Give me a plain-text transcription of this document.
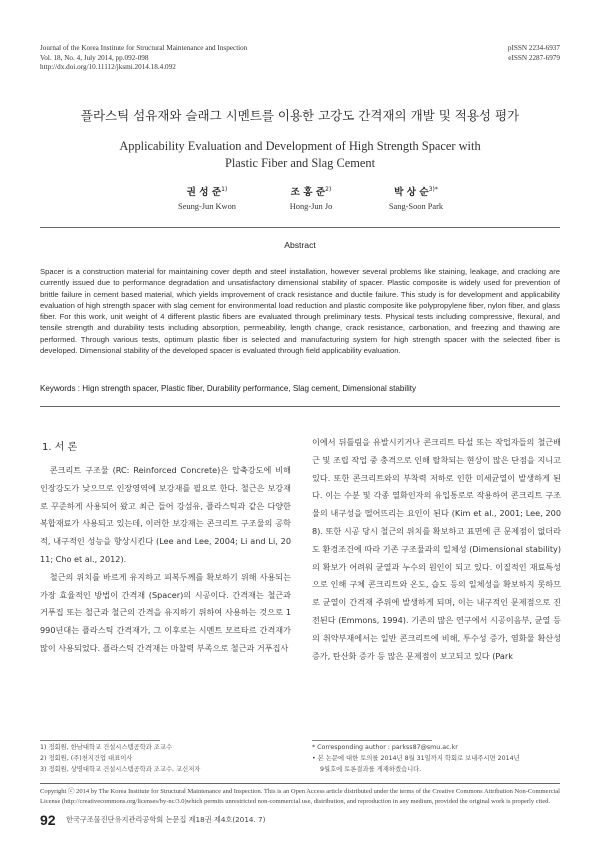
Journal of the Korea Institute for Structural Maintenance and Inspection
Vol. 18, No. 4, July 2014, pp.092-098
http://dx.doi.org/10.11112/jksmi.2014.18.4.092
pISSN 2234-6937
eISSN 2287-6979
플라스틱 섬유재와 슬래그 시멘트를 이용한 고강도 간격재의 개발 및 적용성 평가
Applicability Evaluation and Development of High Strength Spacer with
Plastic Fiber and Slag Cement
권 성 준$^{1)}$
Seung-Jun Kwon
조 홍 준$^{2)}$
Hong-Jun Jo
박 상 순$^{3)*}$
Sang-Soon Park
Abstract
Spacer is a construction material for maintaining cover depth and steel installation, however several problems like staining, leakage, and cracking are currently issued due to performance degradation and unsatisfactory dimensional stability of spacer. Plastic composite is widely used for prevention of brittle failure in cement based material, which yields improvement of crack resistance and ductile failure. This study is for development and applicability evaluation of high strength spacer with slag cement for environmental load reduction and plastic composite like polypropylene fiber, nylon fiber, and glass fiber. For this work, unit weight of 4 different plastic fibers are evaluated through preliminary tests. Physical tests including compressive, flexural, and tensile strength and durability tests including absorption, permeability, length change, crack resistance, carbonation, and freezing and thawing are performed. Through various tests, optimum plastic fiber is selected and manufacturing system for high strength spacer with the selected fiber is developed. Dimensional stability of the developed spacer is evaluated through field applicability evaluation.
Keywords : Hign strength spacer, Plastic fiber, Durability performance, Slag cement, Dimensional stability
1. 서 론

콘크리트 구조물 (RC: Reinforced Concrete)은 압축강도에 비해 인장강도가 낮으므로 인장영역에 보강재를 필요로 한다. 철근은 보강재로 꾸준하게 사용되어 왔고 최근 들어 강섬유, 플라스틱과 같은 다양한 복합재료가 사용되고 있는데, 이러한 보강재는 콘크리트 구조물의 공학적, 내구적인 성능을 향상시킨다 (Lee and Lee, 2004; Li and Li, 2011; Cho et al., 2012).

철근의 위치를 바르게 유지하고 피복두께를 확보하기 위해 사용되는 가장 효율적인 방법이 간격재 (Spacer)의 시공이다. 간격재는 철근과 거푸집 또는 철근과 철근의 간격을 유지하기 위하여 사용하는 것으로 1990년대는 플라스틱 간격재가, 그 이후로는 시멘트 모르타르 간격재가 많이 사용되었다. 플라스틱 간격재는 마찰력 부족으로 철근과 거푸집사

이에서 뒤틀림을 유발시키거나 콘크리트 타설 또는 작업자들의 철근배근 및 조립 작업 중 충격으로 인해 탈착되는 현상이 많은 단점을 지니고 있다. 또한 콘크리트와의 부착력 저하로 인한 미세균열이 발생하게 된다. 이는 수분 및 각종 열화인자의 유입통로로 작용하여 콘크리트 구조물의 내구성을 떨어뜨리는 요인이 된다 (Kim et al., 2001; Lee, 2008). 또한 시공 당시 철근의 위치를 확보하고 표면에 큰 문제점이 없더라도 환경조건에 따라 기존 구조물과의 일체성 (Dimensional stability)의 확보가 어려워 균열과 누수의 원인이 되고 있다. 이질적인 재료특성으로 인해 구체 콘크리트와 온도, 습도 등의 일체성을 확보하지 못하므로 균열이 간격재 주위에 발생하게 되며, 이는 내구적인 문제점으로 진전된다 (Emmons, 1994). 기존의 많은 연구에서 시공이음부, 균열 등의 취약부재에서는 일반 콘크리트에 비해, 투수성 증가, 염화물 확산성 증가, 탄산화 증가 등 많은 문제점이 보고되고 있다 (Park

1) 정회원, 한남대학교 건설시스템공학과 조교수
2) 정회원, (주)천지건업 대표이사
3) 정회원, 상명대학교 건설시스템공학과 조교수, 교신저자
* Corresponding author : parkss87@smu.ac.kr
• 본 논문에 대한 토의를 2014년 8월 31일까지 학회로 보내주시면 2014년
9월호에 토론결과를 게재하겠습니다.
Copyright ⓒ 2014 by The Korea Institute for Structural Maintenance and Inspection. This is an Open Access article distributed under the terms of the Creative Commons Attribution Non-Commercial License (http://creativecommons.org/licenses/by-nc/3.0)which permits unrestricted non-commercial use, distribution, and reproduction in any medium, provided the original work is properly cited.
92 한국구조물진단유지관리공학회 논문집 제18권 제4호(2014. 7)
